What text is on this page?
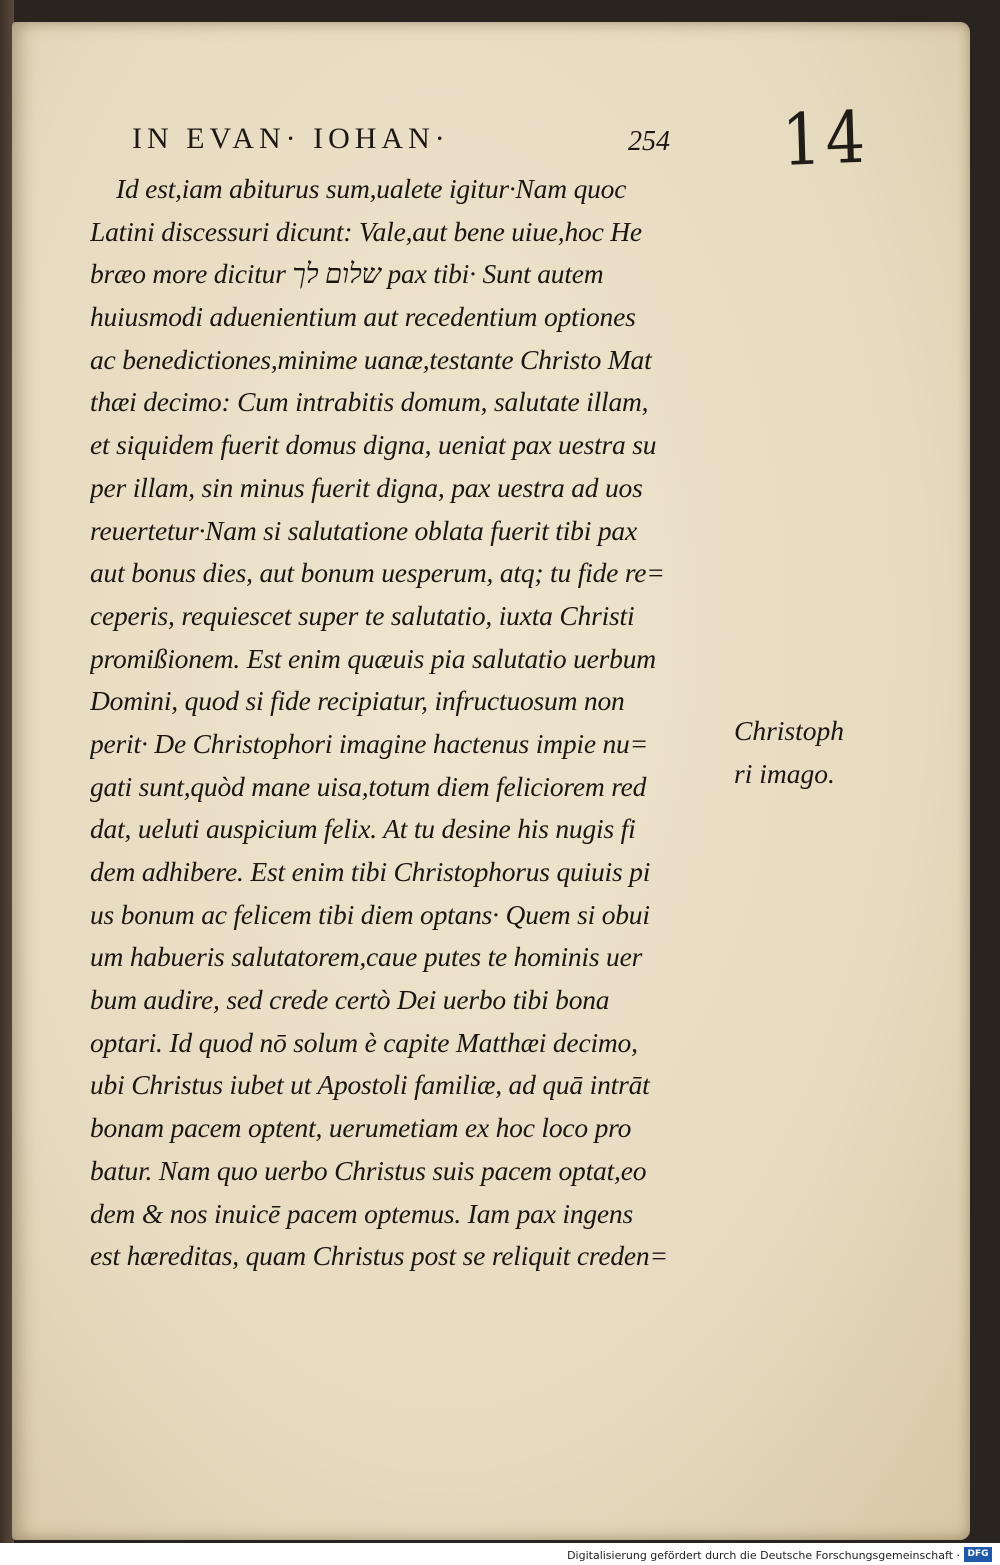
IN EVAN· IOHAN·	254 14
Id est,iam abiturus sum,ualete igitur·Nam quoc
Latini discessuri dicunt: Vale,aut bene uiue,hoc He
bræo more dicitur שלום לך pax tibi· Sunt autem
huiusmodi aduenientium aut recedentium optiones
ac benedictiones,minime uanæ,testante Christo Mat
thæi decimo: Cum intrabitis domum, salutate illam,
et siquidem fuerit domus digna, ueniat pax uestra su
per illam, sin minus fuerit digna, pax uestra ad uos
reuertetur·Nam si salutatione oblata fuerit tibi pax
aut bonus dies, aut bonum uesperum, atq; tu fide re=
ceperis, requiescet super te salutatio, iuxta Christi
promißionem. Est enim quæuis pia salutatio uerbum
Domini, quod si fide recipiatur, infructuosum non
perit· De Christophori imagine hactenus impie nu=
gati sunt,quòd mane uisa,totum diem feliciorem red
dat, ueluti auspicium felix. At tu desine his nugis fi
dem adhibere. Est enim tibi Christophorus quiuis pi
us bonum ac felicem tibi diem optans· Quem si obui
um habueris salutatorem,caue putes te hominis uer
bum audire, sed crede certò Dei uerbo tibi bona
optari. Id quod nō solum è capite Matthæi decimo,
ubi Christus iubet ut Apostoli familiæ, ad quā intrāt
bonam pacem optent, uerumetiam ex hoc loco pro
batur. Nam quo uerbo Christus suis pacem optat,eo
dem & nos inuicē pacem optemus. Iam pax ingens
est hæreditas, quam Christus post se reliquit creden=
Christoph
ri imago.
Digitalisierung gefördert durch die Deutsche Forschungsgemeinschaft · DFG
